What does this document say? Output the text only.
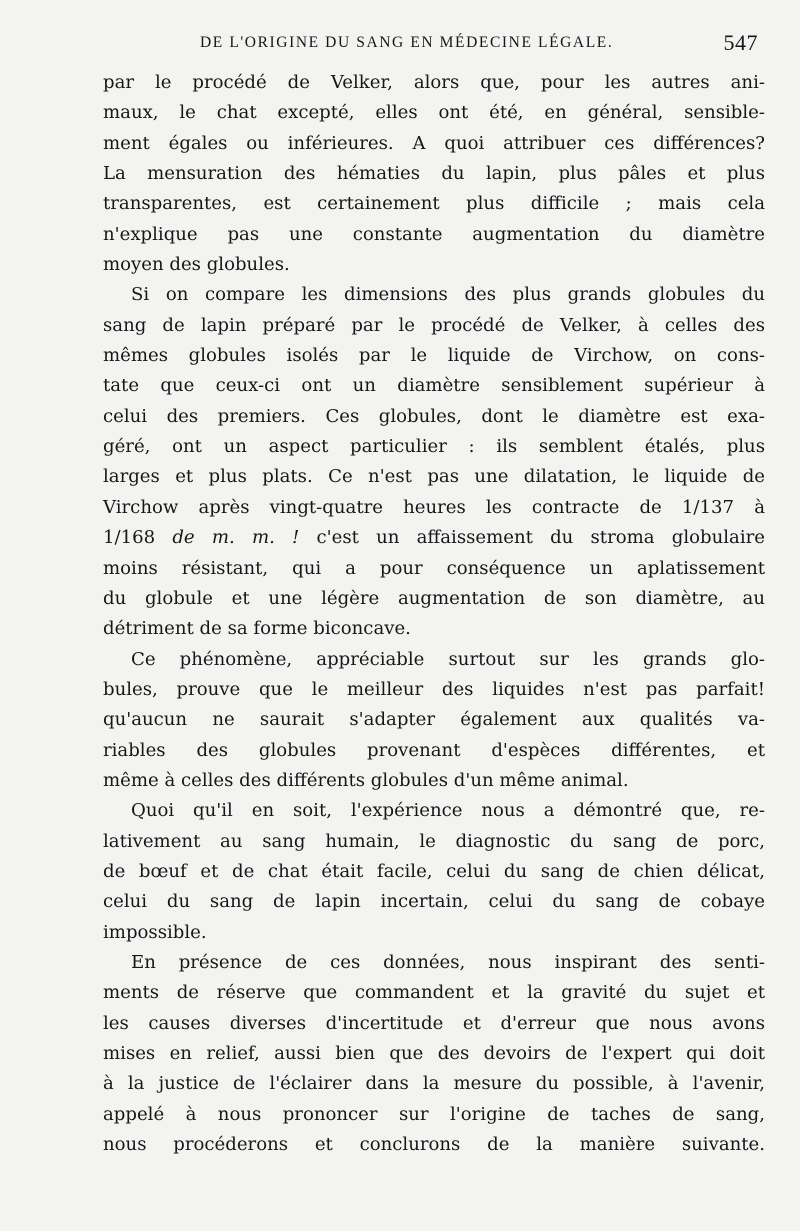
DE L'ORIGINE DU SANG EN MÉDECINE LÉGALE.	547
par le procédé de Velker, alors que, pour les autres ani-
maux, le chat excepté, elles ont été, en général, sensible-
ment égales ou inférieures. A quoi attribuer ces différences?
La mensuration des hématies du lapin, plus pâles et plus
transparentes, est certainement plus difficile ; mais cela
n'explique pas une constante augmentation du diamètre
moyen des globules.
Si on compare les dimensions des plus grands globules du
sang de lapin préparé par le procédé de Velker, à celles des
mêmes globules isolés par le liquide de Virchow, on cons-
tate que ceux-ci ont un diamètre sensiblement supérieur à
celui des premiers. Ces globules, dont le diamètre est exa-
géré, ont un aspect particulier : ils semblent étalés, plus
larges et plus plats. Ce n'est pas une dilatation, le liquide de
Virchow après vingt-quatre heures les contracte de 1/137 à
1/168 de m. m. ! c'est un affaissement du stroma globulaire
moins résistant, qui a pour conséquence un aplatissement
du globule et une légère augmentation de son diamètre, au
détriment de sa forme biconcave.
Ce phénomène, appréciable surtout sur les grands glo-
bules, prouve que le meilleur des liquides n'est pas parfait!
qu'aucun ne saurait s'adapter également aux qualités va-
riables des globules provenant d'espèces différentes, et
même à celles des différents globules d'un même animal.
Quoi qu'il en soit, l'expérience nous a démontré que, re-
lativement au sang humain, le diagnostic du sang de porc,
de bœuf et de chat était facile, celui du sang de chien délicat,
celui du sang de lapin incertain, celui du sang de cobaye
impossible.
En présence de ces données, nous inspirant des senti-
ments de réserve que commandent et la gravité du sujet et
les causes diverses d'incertitude et d'erreur que nous avons
mises en relief, aussi bien que des devoirs de l'expert qui doit
à la justice de l'éclairer dans la mesure du possible, à l'avenir,
appelé à nous prononcer sur l'origine de taches de sang,
nous procéderons et conclurons de la manière suivante.
